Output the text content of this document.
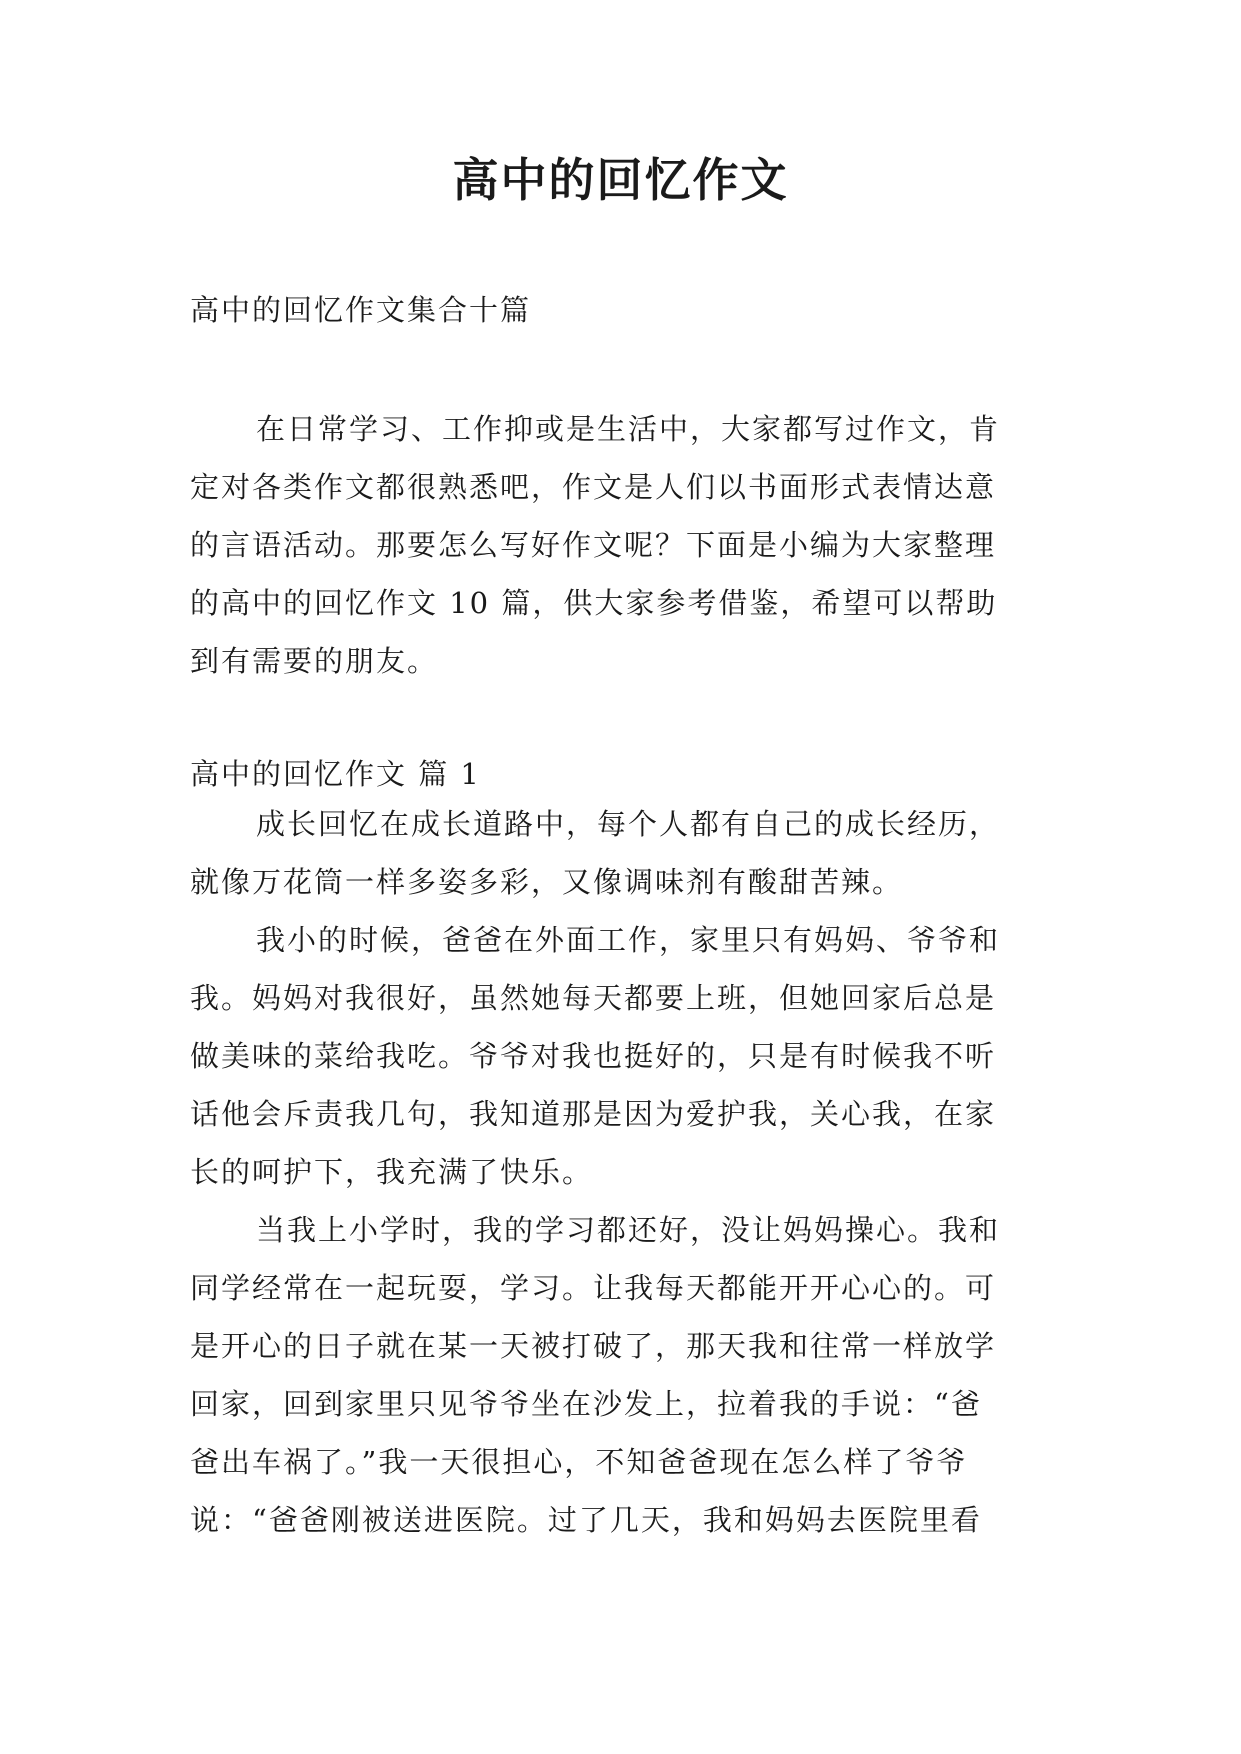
高中的回忆作文
高中的回忆作文集合十篇
在日常学习、工作抑或是生活中，大家都写过作文，肯
定对各类作文都很熟悉吧，作文是人们以书面形式表情达意
的言语活动。那要怎么写好作文呢？下面是小编为大家整理
的高中的回忆作文 10 篇，供大家参考借鉴，希望可以帮助
到有需要的朋友。
高中的回忆作文 篇 1
成长回忆在成长道路中，每个人都有自己的成长经历，
就像万花筒一样多姿多彩，又像调味剂有酸甜苦辣。
我小的时候，爸爸在外面工作，家里只有妈妈、爷爷和
我。妈妈对我很好，虽然她每天都要上班，但她回家后总是
做美味的菜给我吃。爷爷对我也挺好的，只是有时候我不听
话他会斥责我几句，我知道那是因为爱护我，关心我，在家
长的呵护下，我充满了快乐。
当我上小学时，我的学习都还好，没让妈妈操心。我和
同学经常在一起玩耍，学习。让我每天都能开开心心的。可
是开心的日子就在某一天被打破了，那天我和往常一样放学
回家，回到家里只见爷爷坐在沙发上，拉着我的手说：“爸
爸出车祸了。”我一天很担心，不知爸爸现在怎么样了爷爷
说：“爸爸刚被送进医院。过了几天，我和妈妈去医院里看
